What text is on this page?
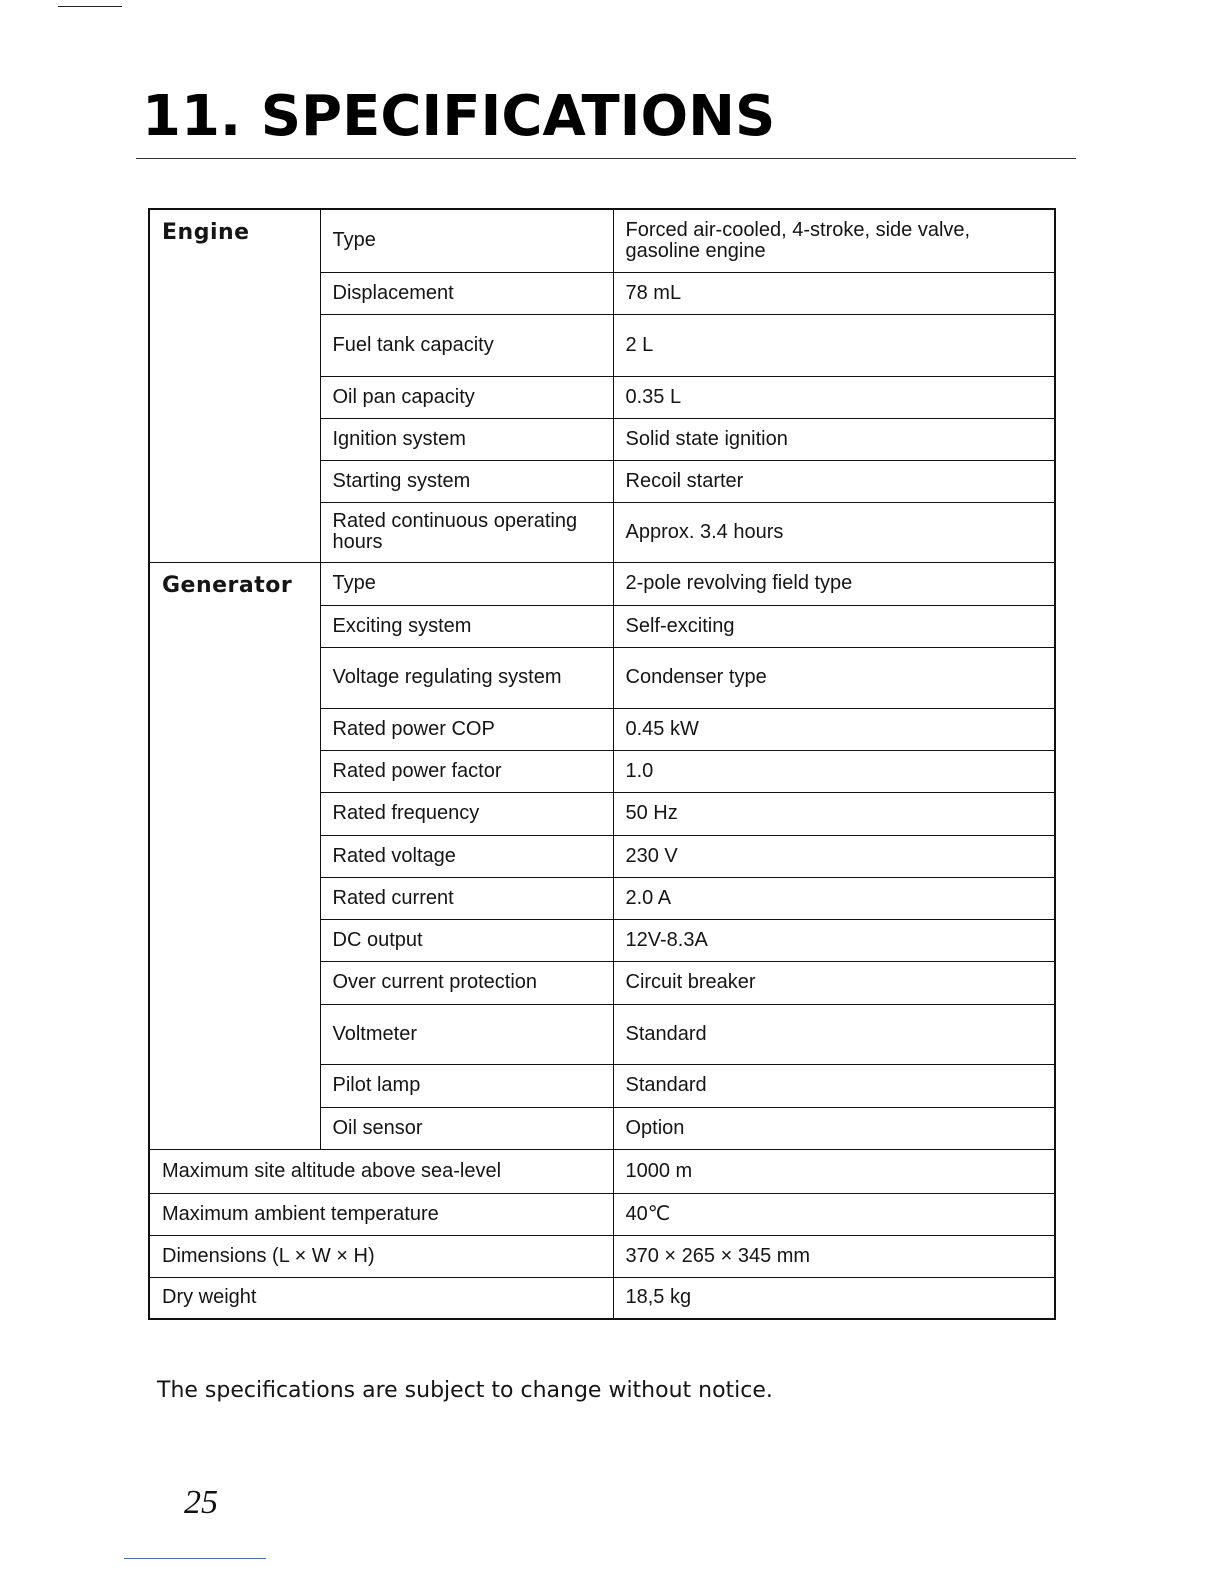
11. SPECIFICATIONS
Engine	Type	Forced air-cooled, 4-stroke, side valve, gasoline engine
	Displacement	78 mL
	Fuel tank capacity	2 L
	Oil pan capacity	0.35 L
	Ignition system	Solid state ignition
	Starting system	Recoil starter
	Rated continuous operating hours	Approx. 3.4 hours
Generator	Type	2-pole revolving field type
	Exciting system	Self-exciting
	Voltage regulating system	Condenser type
	Rated power COP	0.45 kW
	Rated power factor	1.0
	Rated frequency	50 Hz
	Rated voltage	230 V
	Rated current	2.0 A
	DC output	12V-8.3A
	Over current protection	Circuit breaker
	Voltmeter	Standard
	Pilot lamp	Standard
	Oil sensor	Option
Maximum site altitude above sea-level		1000 m
Maximum ambient temperature		40℃
Dimensions (L × W × H)		370 × 265 × 345 mm
Dry weight		18,5 kg

The specifications are subject to change without notice.

25
